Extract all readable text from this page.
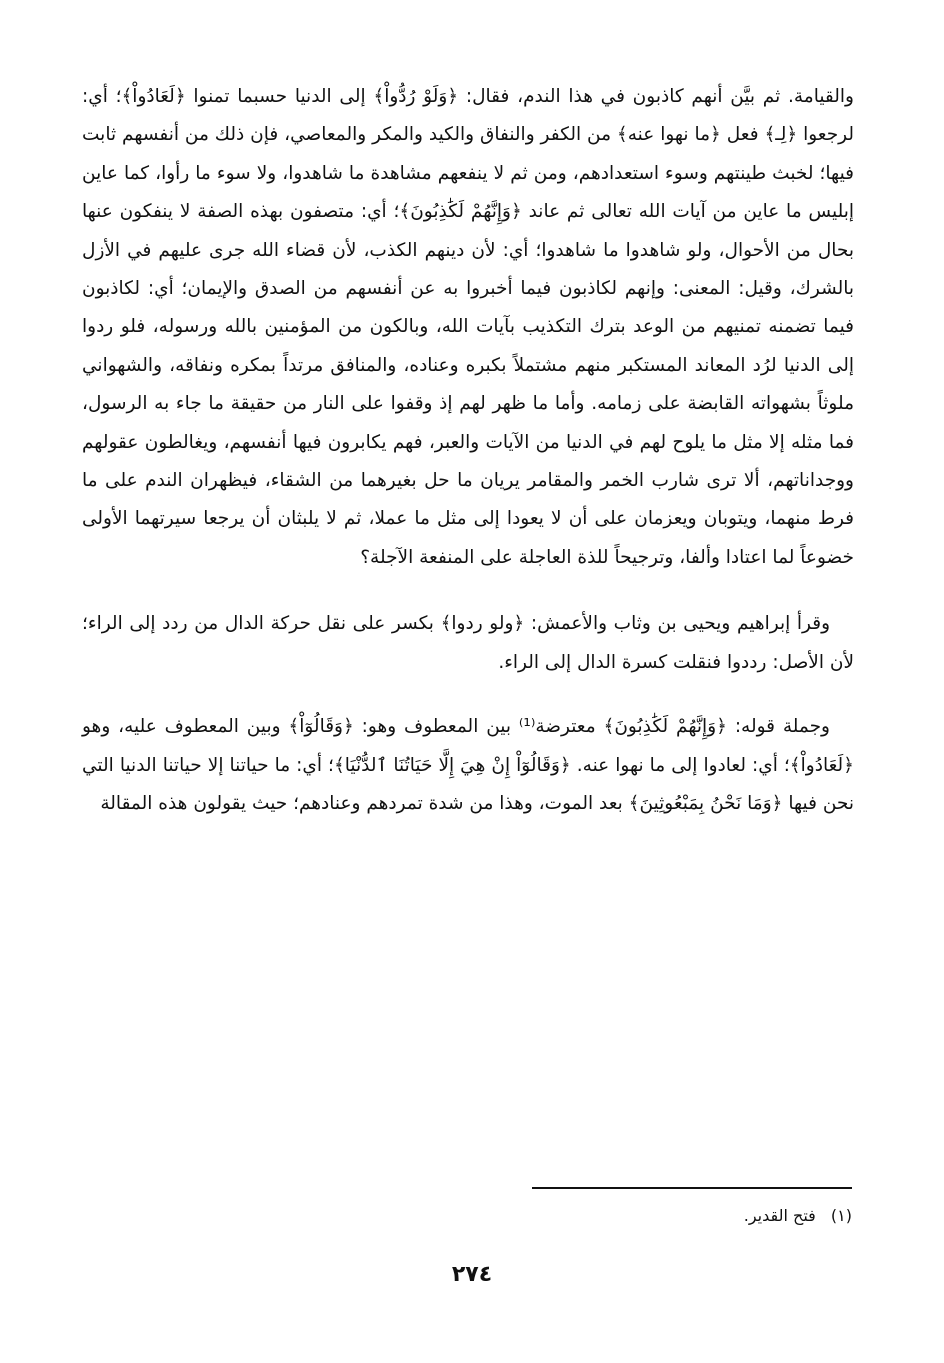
والقيامة. ثم بيَّن أنهم كاذبون في هذا الندم، فقال: ﴿وَلَوْ رُدُّواْ﴾ إلى الدنيا حسبما تمنوا ﴿لَعَادُواْ﴾؛ أي: لرجعوا ﴿لِـ﴾ فعل ﴿ما نهوا عنه﴾ من الكفر والنفاق والكيد والمكر والمعاصي، فإن ذلك من أنفسهم ثابت فيها؛ لخبث طينتهم وسوء استعدادهم، ومن ثم لا ينفعهم مشاهدة ما شاهدوا، ولا سوء ما رأوا، كما عاين إبليس ما عاين من آيات الله تعالى ثم عاند ﴿وَإِنَّهُمْ لَكَٰذِبُونَ﴾؛ أي: متصفون بهذه الصفة لا ينفكون عنها بحال من الأحوال، ولو شاهدوا ما شاهدوا؛ أي: لأن دينهم الكذب، لأن قضاء الله جرى عليهم في الأزل بالشرك، وقيل: المعنى: وإنهم لكاذبون فيما أخبروا به عن أنفسهم من الصدق والإيمان؛ أي: لكاذبون فيما تضمنه تمنيهم من الوعد بترك التكذيب بآيات الله، وبالكون من المؤمنين بالله ورسوله، فلو ردوا إلى الدنيا لرُد المعاند المستكبر منهم مشتملاً بكبره وعناده، والمنافق مرتداً بمكره ونفاقه، والشهواني ملوثاً بشهواته القابضة على زمامه. وأما ما ظهر لهم إذ وقفوا على النار من حقيقة ما جاء به الرسول، فما مثله إلا مثل ما يلوح لهم في الدنيا من الآيات والعبر، فهم يكابرون فيها أنفسهم، ويغالطون عقولهم ووجداناتهم، ألا ترى شارب الخمر والمقامر يريان ما حل بغيرهما من الشقاء، فيظهران الندم على ما فرط منهما، ويتوبان ويعزمان على أن لا يعودا إلى مثل ما عملا، ثم لا يلبثان أن يرجعا سيرتهما الأولى خضوعاً لما اعتادا وألفا، وترجيحاً للذة العاجلة على المنفعة الآجلة؟

وقرأ إبراهيم ويحيى بن وثاب والأعمش: ﴿ولو ردوا﴾ بكسر على نقل حركة الدال من ردد إلى الراء؛ لأن الأصل: رددوا فنقلت كسرة الدال إلى الراء.

وجملة قوله: ﴿وَإِنَّهُمْ لَكَٰذِبُونَ﴾ معترضة⁽¹⁾ بين المعطوف وهو: ﴿وَقَالُوٓاْ﴾ وبين المعطوف عليه، وهو ﴿لَعَادُواْ﴾؛ أي: لعادوا إلى ما نهوا عنه. ﴿وَقَالُوٓاْ إِنْ هِيَ إِلَّا حَيَاتُنَا ٱلدُّنْيَا﴾؛ أي: ما حياتنا إلا حياتنا الدنيا التي نحن فيها ﴿وَمَا نَحْنُ بِمَبْعُوثِينَ﴾ بعد الموت، وهذا من شدة تمردهم وعنادهم؛ حيث يقولون هذه المقالة

(١) فتح القدير.
٢٧٤
